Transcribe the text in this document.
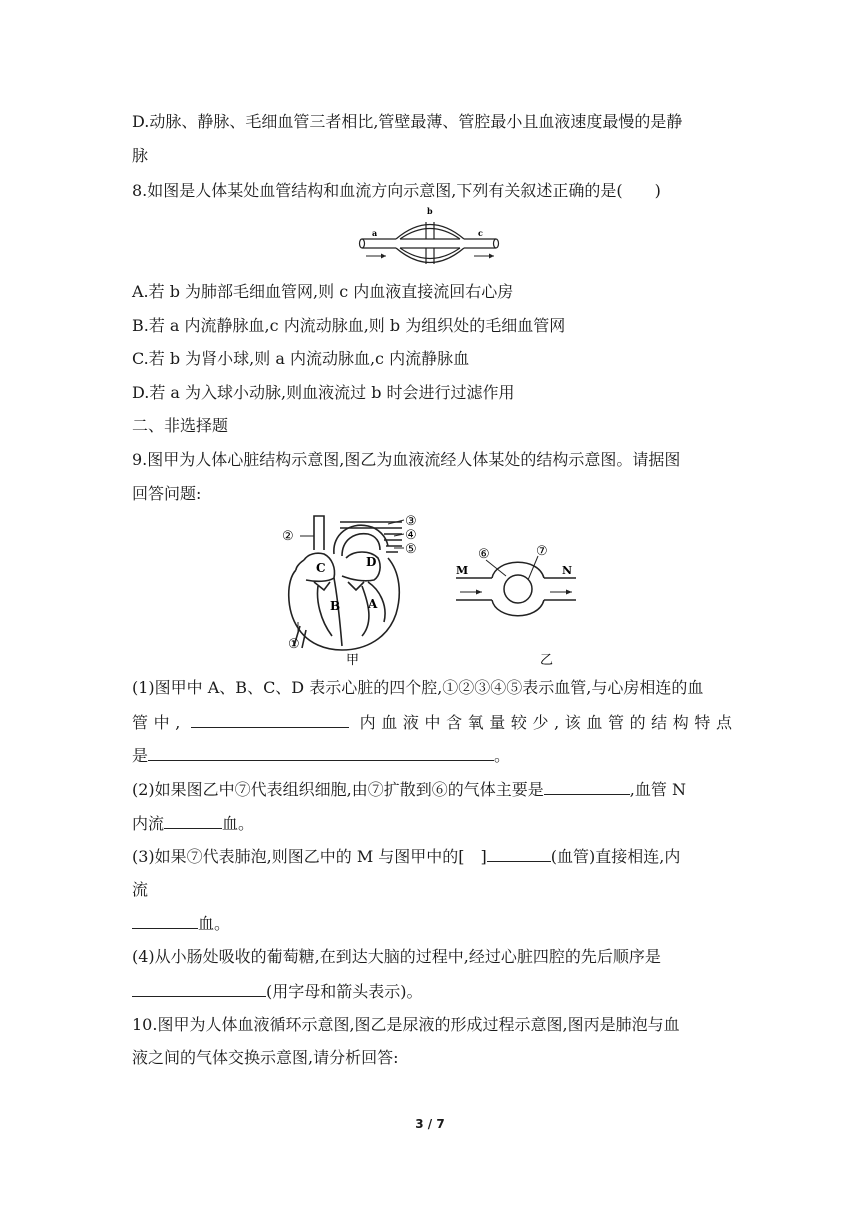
D.动脉、静脉、毛细血管三者相比,管壁最薄、管腔最小且血液速度最慢的是静
脉
8.如图是人体某处血管结构和血流方向示意图,下列有关叙述正确的是(　　)
a
b
c
A.若 b 为肺部毛细血管网,则 c 内血液直接流回右心房
B.若 a 内流静脉血,c 内流动脉血,则 b 为组织处的毛细血管网
C.若 b 为肾小球,则 a 内流动脉血,c 内流静脉血
D.若 a 为入球小动脉,则血液流过 b 时会进行过滤作用
二、非选择题
9.图甲为人体心脏结构示意图,图乙为血液流经人体某处的结构示意图。请据图
回答问题:
②
③
④
⑤
①
C	D
B A
甲
⑥	⑦
M	N
乙
(1)图甲中 A、B、C、D 表示心脏的四个腔,①②③④⑤表示血管,与心房相连的血
管中,	内血液中含氧量较少,该血管的结构特点
是	。
(2)如果图乙中⑦代表组织细胞,由⑦扩散到⑥的气体主要是	,血管 N
内流	血。
(3)如果⑦代表肺泡,则图乙中的 M 与图甲中的[　]	(血管)直接相连,内
流
血。
(4)从小肠处吸收的葡萄糖,在到达大脑的过程中,经过心脏四腔的先后顺序是
(用字母和箭头表示)。
10.图甲为人体血液循环示意图,图乙是尿液的形成过程示意图,图丙是肺泡与血
液之间的气体交换示意图,请分析回答:
3 / 7
